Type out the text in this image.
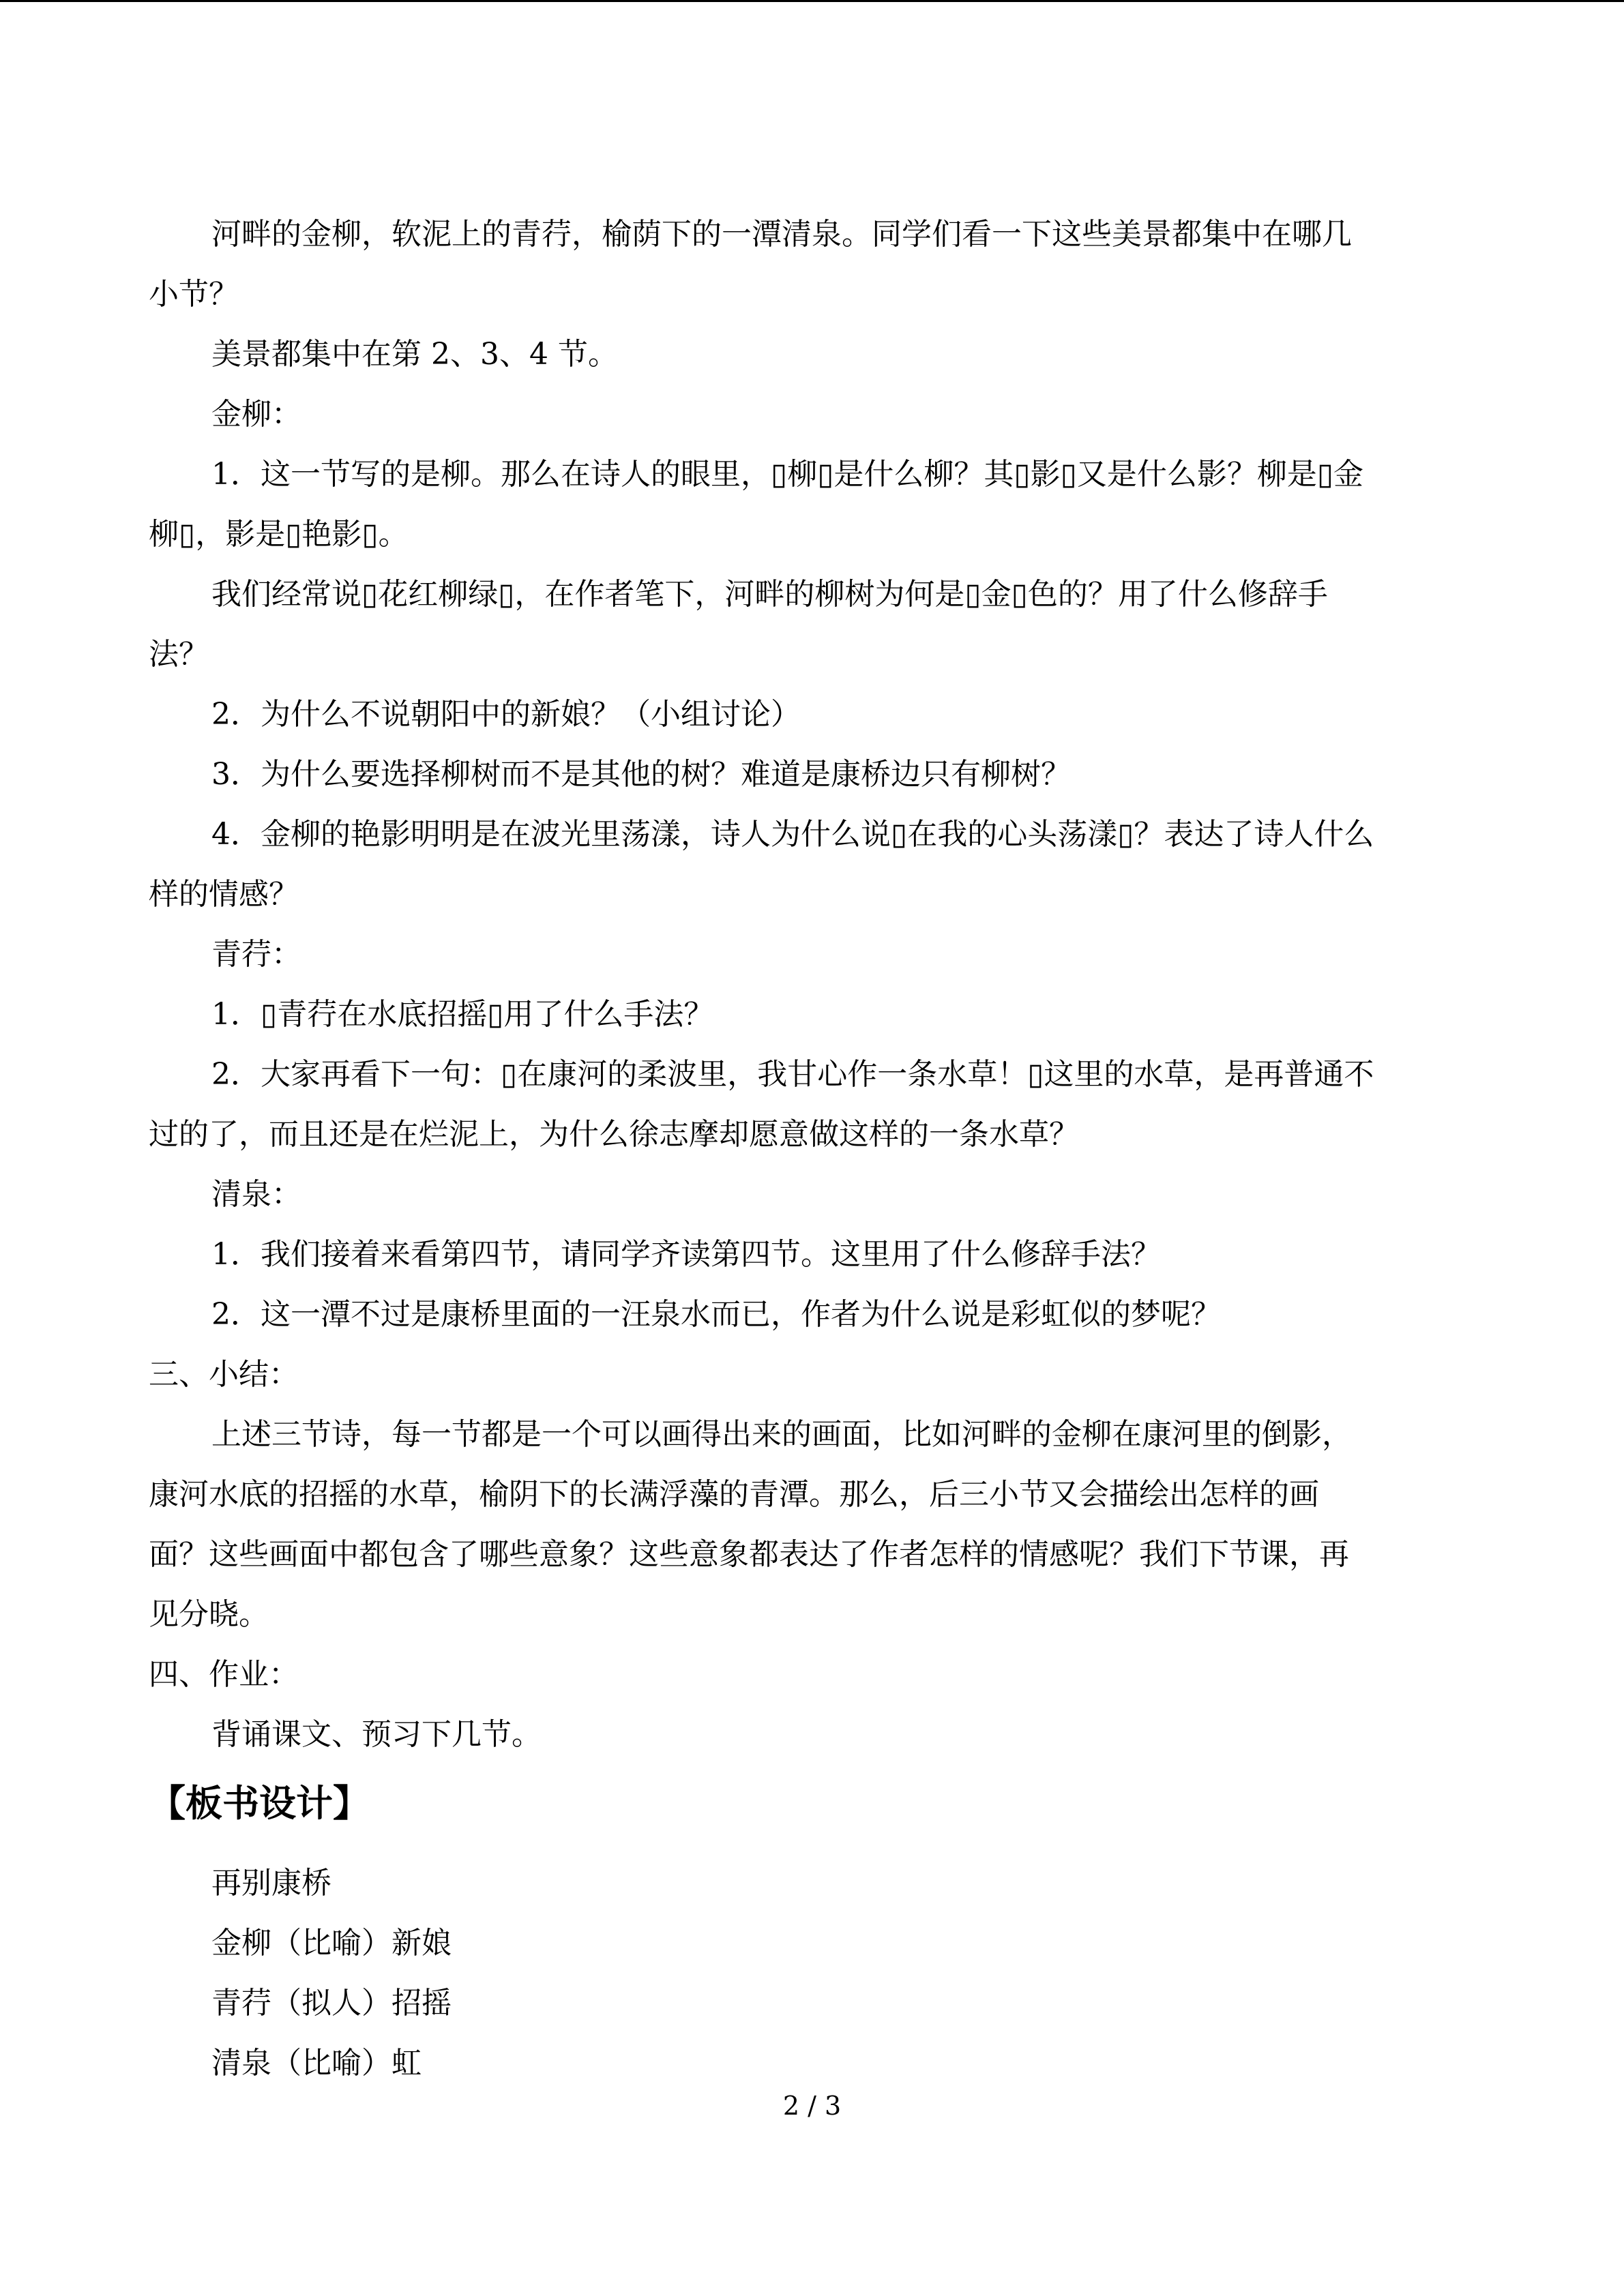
河畔的金柳，软泥上的青荇，榆荫下的一潭清泉。同学们看一下这些美景都集中在哪几
小节？
美景都集中在第 2、3、4 节。
金柳：
1．这一节写的是柳。那么在诗人的眼里，▯柳▯是什么柳？其▯影▯又是什么影？柳是▯金
柳▯，影是▯艳影▯。
我们经常说▯花红柳绿▯，在作者笔下，河畔的柳树为何是▯金▯色的？用了什么修辞手
法？
2．为什么不说朝阳中的新娘？（小组讨论）
3．为什么要选择柳树而不是其他的树？难道是康桥边只有柳树？
4．金柳的艳影明明是在波光里荡漾，诗人为什么说▯在我的心头荡漾▯？表达了诗人什么
样的情感？
青荇：
1．▯青荇在水底招摇▯用了什么手法？
2．大家再看下一句：▯在康河的柔波里，我甘心作一条水草！▯这里的水草，是再普通不
过的了，而且还是在烂泥上，为什么徐志摩却愿意做这样的一条水草？
清泉：
1．我们接着来看第四节，请同学齐读第四节。这里用了什么修辞手法？
2．这一潭不过是康桥里面的一汪泉水而已，作者为什么说是彩虹似的梦呢？
三、小结：
上述三节诗，每一节都是一个可以画得出来的画面，比如河畔的金柳在康河里的倒影，
康河水底的招摇的水草，榆阴下的长满浮藻的青潭。那么，后三小节又会描绘出怎样的画
面？这些画面中都包含了哪些意象？这些意象都表达了作者怎样的情感呢？我们下节课，再
见分晓。
四、作业：
背诵课文、预习下几节。
【板书设计】
再别康桥
金柳（比喻）新娘
青荇（拟人）招摇
清泉（比喻）虹
2 / 3
